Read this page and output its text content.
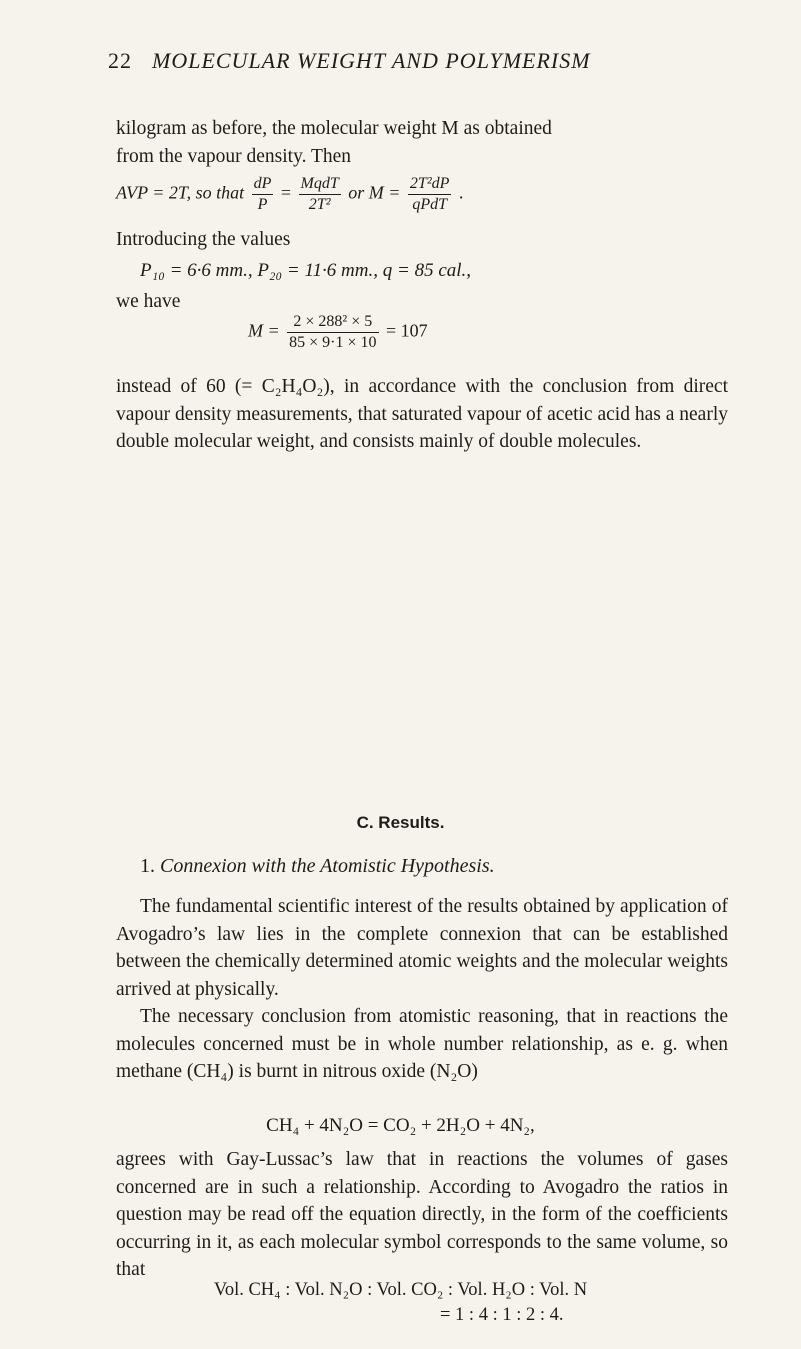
22 MOLECULAR WEIGHT AND POLYMERISM

kilogram as before, the molecular weight M as obtained

from the vapour density. Then

AVP = 2T, so that $\frac{dP}{P} = \frac{\text{MqdT}}{\text{2T²}}$ or $M = \frac{\text{2T²dP}}{\text{qPdT}}$ .

Introducing the values

P₁₀ = 6·6 mm., P₂₀ = 11·6 mm., q = 85 cal.,

we have

$M = \frac{\text{2 × 288² × 5}}{85 \times 9\cdot 1 \times 10} = 107$

instead of 60 (= C₂H₄O₂), in accordance with the conclusion from direct vapour density measurements, that saturated vapour of acetic acid has a nearly double molecular weight, and consists mainly of double molecules.

C. Results.
1. Connexion with the Atomistic Hypothesis.

The fundamental scientific interest of the results obtained by application of Avogadro’s law lies in the complete connexion that can be established between the chemically determined atomic weights and the molecular weights arrived at physically.

The necessary conclusion from atomistic reasoning, that in reactions the molecules concerned must be in whole number relationship, as e. g. when methane (CH₄) is burnt in nitrous oxide (N₂O)

CH₄ + 4N₂O = CO₂ + 2H₂O + 4N₂,

agrees with Gay-Lussac’s law that in reactions the volumes of gases concerned are in such a relationship. According to Avogadro the ratios in question may be read off the equation directly, in the form of the coefficients occurring in it, as each molecular symbol corresponds to the same volume, so that

Vol. CH₄ : Vol. N₂O : Vol. CO₂ : Vol. H₂O : Vol. N
= 1 : 4 : 1 : 2 : 4.
